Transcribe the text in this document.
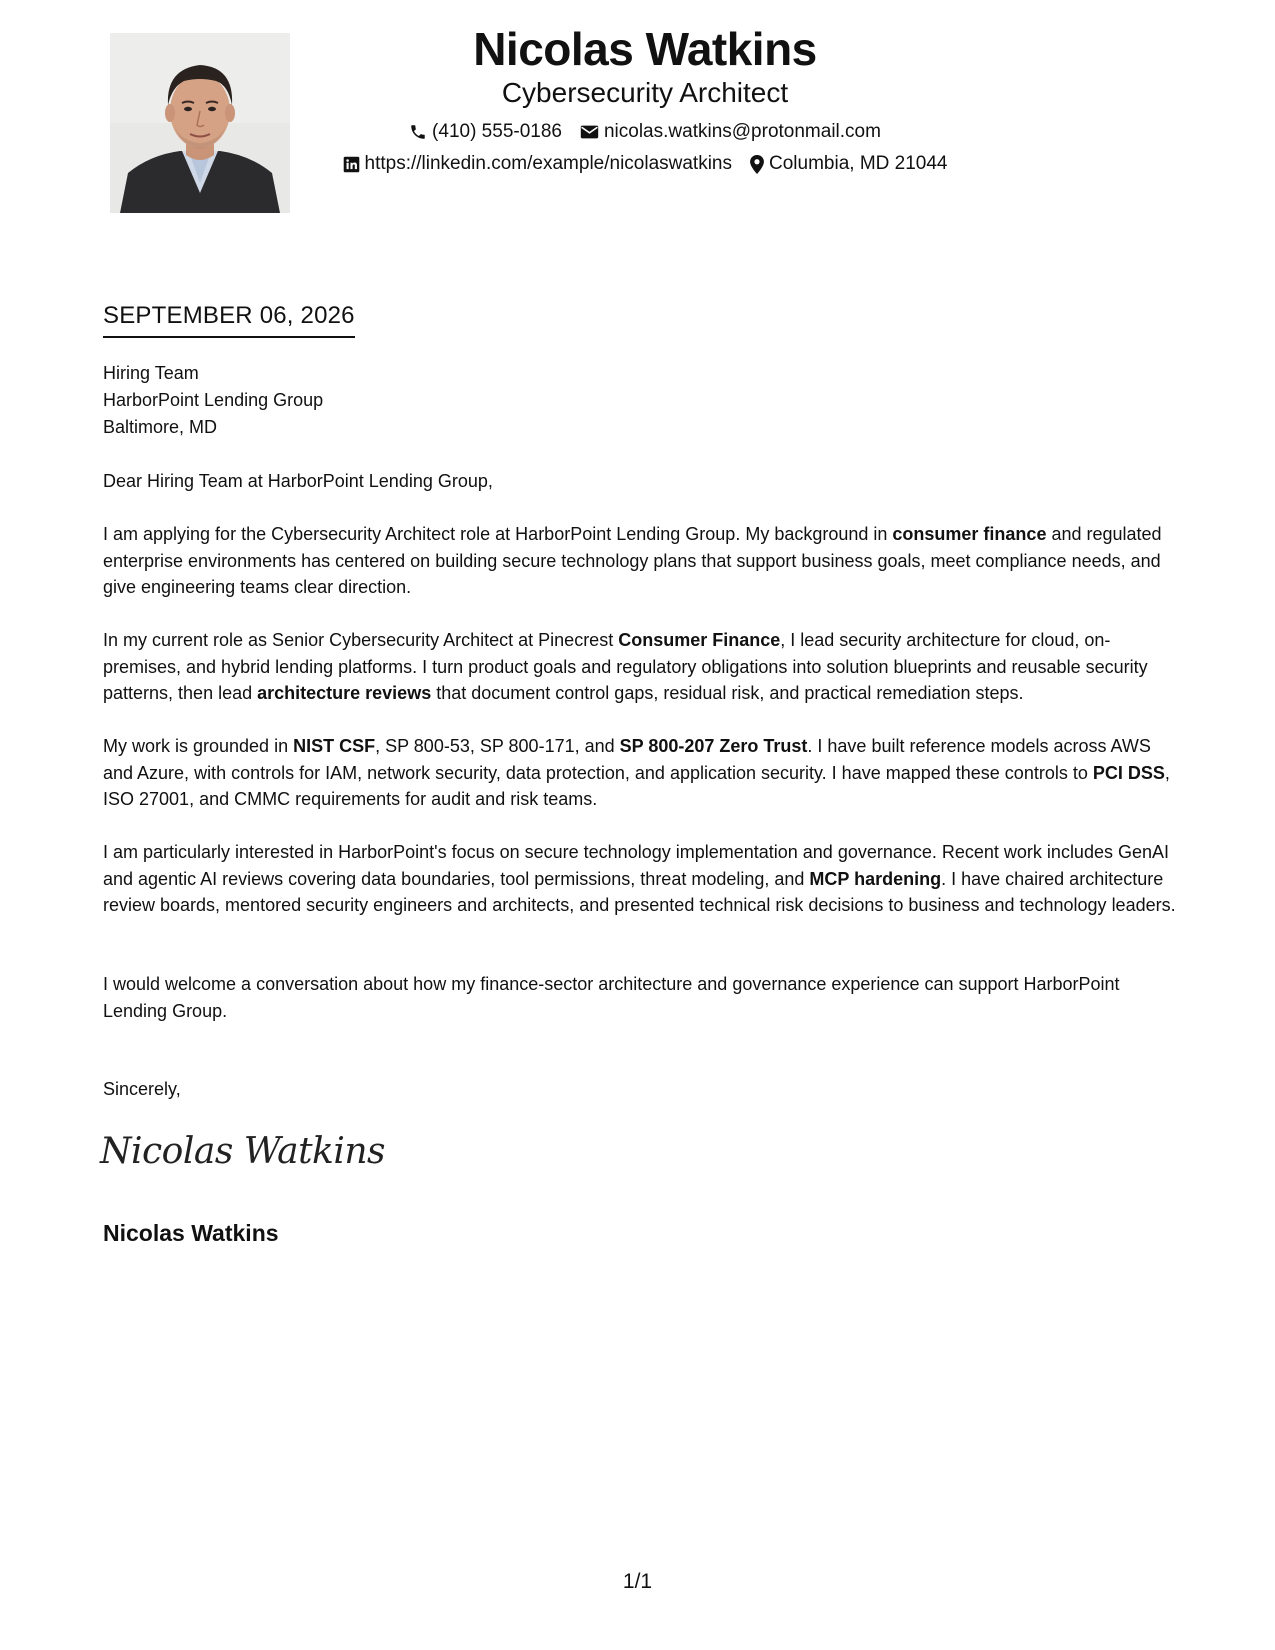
Nicolas Watkins
Cybersecurity Architect
(410) 555-0186 nicolas.watkins@protonmail.com
https://linkedin.com/example/nicolaswatkins Columbia, MD 21044
SEPTEMBER 06, 2026
Hiring Team
HarborPoint Lending Group
Baltimore, MD

Dear Hiring Team at HarborPoint Lending Group,

I am applying for the Cybersecurity Architect role at HarborPoint Lending Group. My background in consumer finance and regulated enterprise environments has centered on building secure technology plans that support business goals, meet compliance needs, and give engineering teams clear direction.

In my current role as Senior Cybersecurity Architect at Pinecrest Consumer Finance, I lead security architecture for cloud, on-premises, and hybrid lending platforms. I turn product goals and regulatory obligations into solution blueprints and reusable security patterns, then lead architecture reviews that document control gaps, residual risk, and practical remediation steps.

My work is grounded in NIST CSF, SP 800-53, SP 800-171, and SP 800-207 Zero Trust. I have built reference models across AWS and Azure, with controls for IAM, network security, data protection, and application security. I have mapped these controls to PCI DSS, ISO 27001, and CMMC requirements for audit and risk teams.

I am particularly interested in HarborPoint's focus on secure technology implementation and governance. Recent work includes GenAI and agentic AI reviews covering data boundaries, tool permissions, threat modeling, and MCP hardening. I have chaired architecture review boards, mentored security engineers and architects, and presented technical risk decisions to business and technology leaders.

I would welcome a conversation about how my finance-sector architecture and governance experience can support HarborPoint Lending Group.

Sincerely,

Nicolas Watkins
Nicolas Watkins
1/1
